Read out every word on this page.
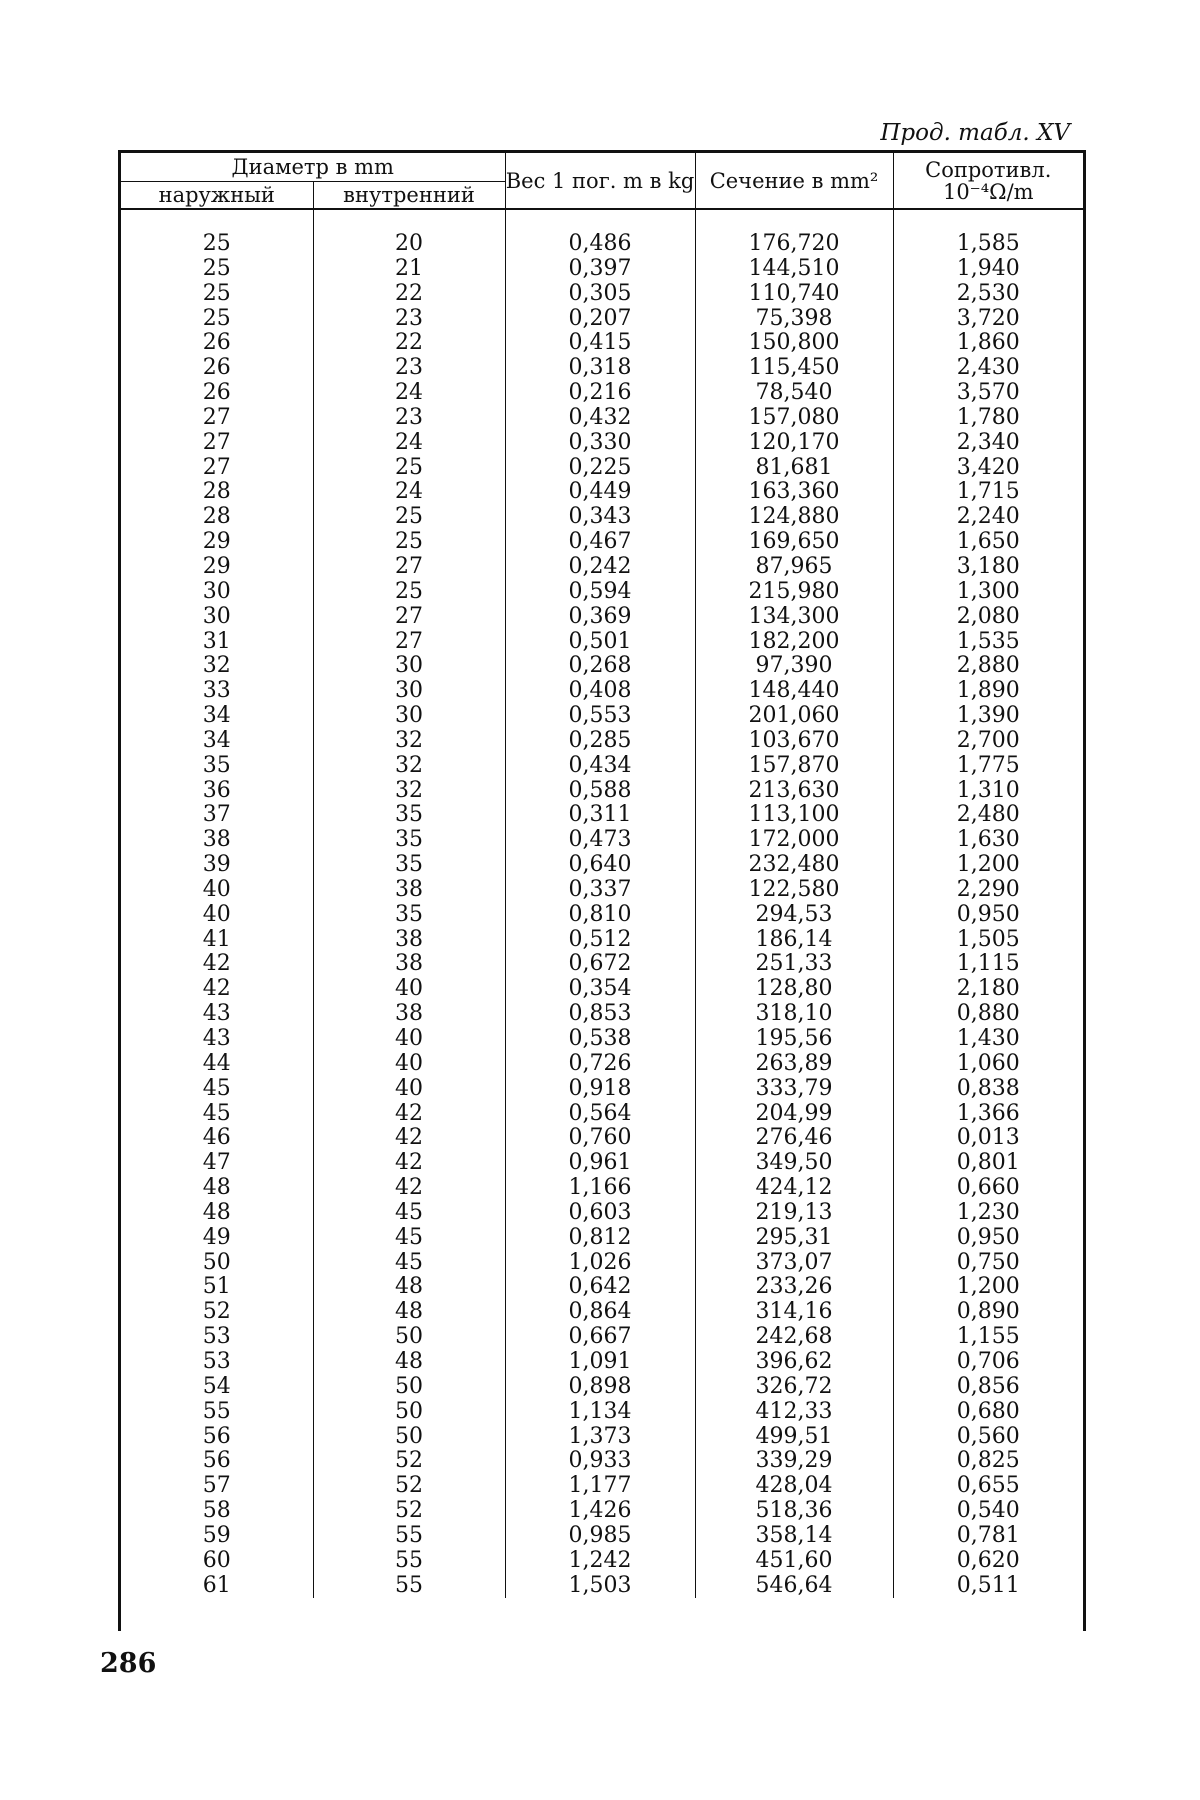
Прод. табл. XV
Диаметр в mm		Вес 1 пог. m в kg	Сечение в mm²	Сопротивл. 10⁻⁴Ω/m
наружный	внутренний			

25	20	0,486	176,720	1,585
25	21	0,397	144,510	1,940
25	22	0,305	110,740	2,530
25	23	0,207	75,398	3,720
26	22	0,415	150,800	1,860
26	23	0,318	115,450	2,430
26	24	0,216	78,540	3,570
27	23	0,432	157,080	1,780
27	24	0,330	120,170	2,340
27	25	0,225	81,681	3,420
28	24	0,449	163,360	1,715
28	25	0,343	124,880	2,240
29	25	0,467	169,650	1,650
29	27	0,242	87,965	3,180
30	25	0,594	215,980	1,300
30	27	0,369	134,300	2,080
31	27	0,501	182,200	1,535
32	30	0,268	97,390	2,880
33	30	0,408	148,440	1,890
34	30	0,553	201,060	1,390
34	32	0,285	103,670	2,700
35	32	0,434	157,870	1,775
36	32	0,588	213,630	1,310
37	35	0,311	113,100	2,480
38	35	0,473	172,000	1,630
39	35	0,640	232,480	1,200
40	38	0,337	122,580	2,290
40	35	0,810	294,53	0,950
41	38	0,512	186,14	1,505
42	38	0,672	251,33	1,115
42	40	0,354	128,80	2,180
43	38	0,853	318,10	0,880
43	40	0,538	195,56	1,430
44	40	0,726	263,89	1,060
45	40	0,918	333,79	0,838
45	42	0,564	204,99	1,366
46	42	0,760	276,46	0,013
47	42	0,961	349,50	0,801
48	42	1,166	424,12	0,660
48	45	0,603	219,13	1,230
49	45	0,812	295,31	0,950
50	45	1,026	373,07	0,750
51	48	0,642	233,26	1,200
52	48	0,864	314,16	0,890
53	50	0,667	242,68	1,155
53	48	1,091	396,62	0,706
54	50	0,898	326,72	0,856
55	50	1,134	412,33	0,680
56	50	1,373	499,51	0,560
56	52	0,933	339,29	0,825
57	52	1,177	428,04	0,655
58	52	1,426	518,36	0,540
59	55	0,985	358,14	0,781
60	55	1,242	451,60	0,620
61	55	1,503	546,64	0,511
286
